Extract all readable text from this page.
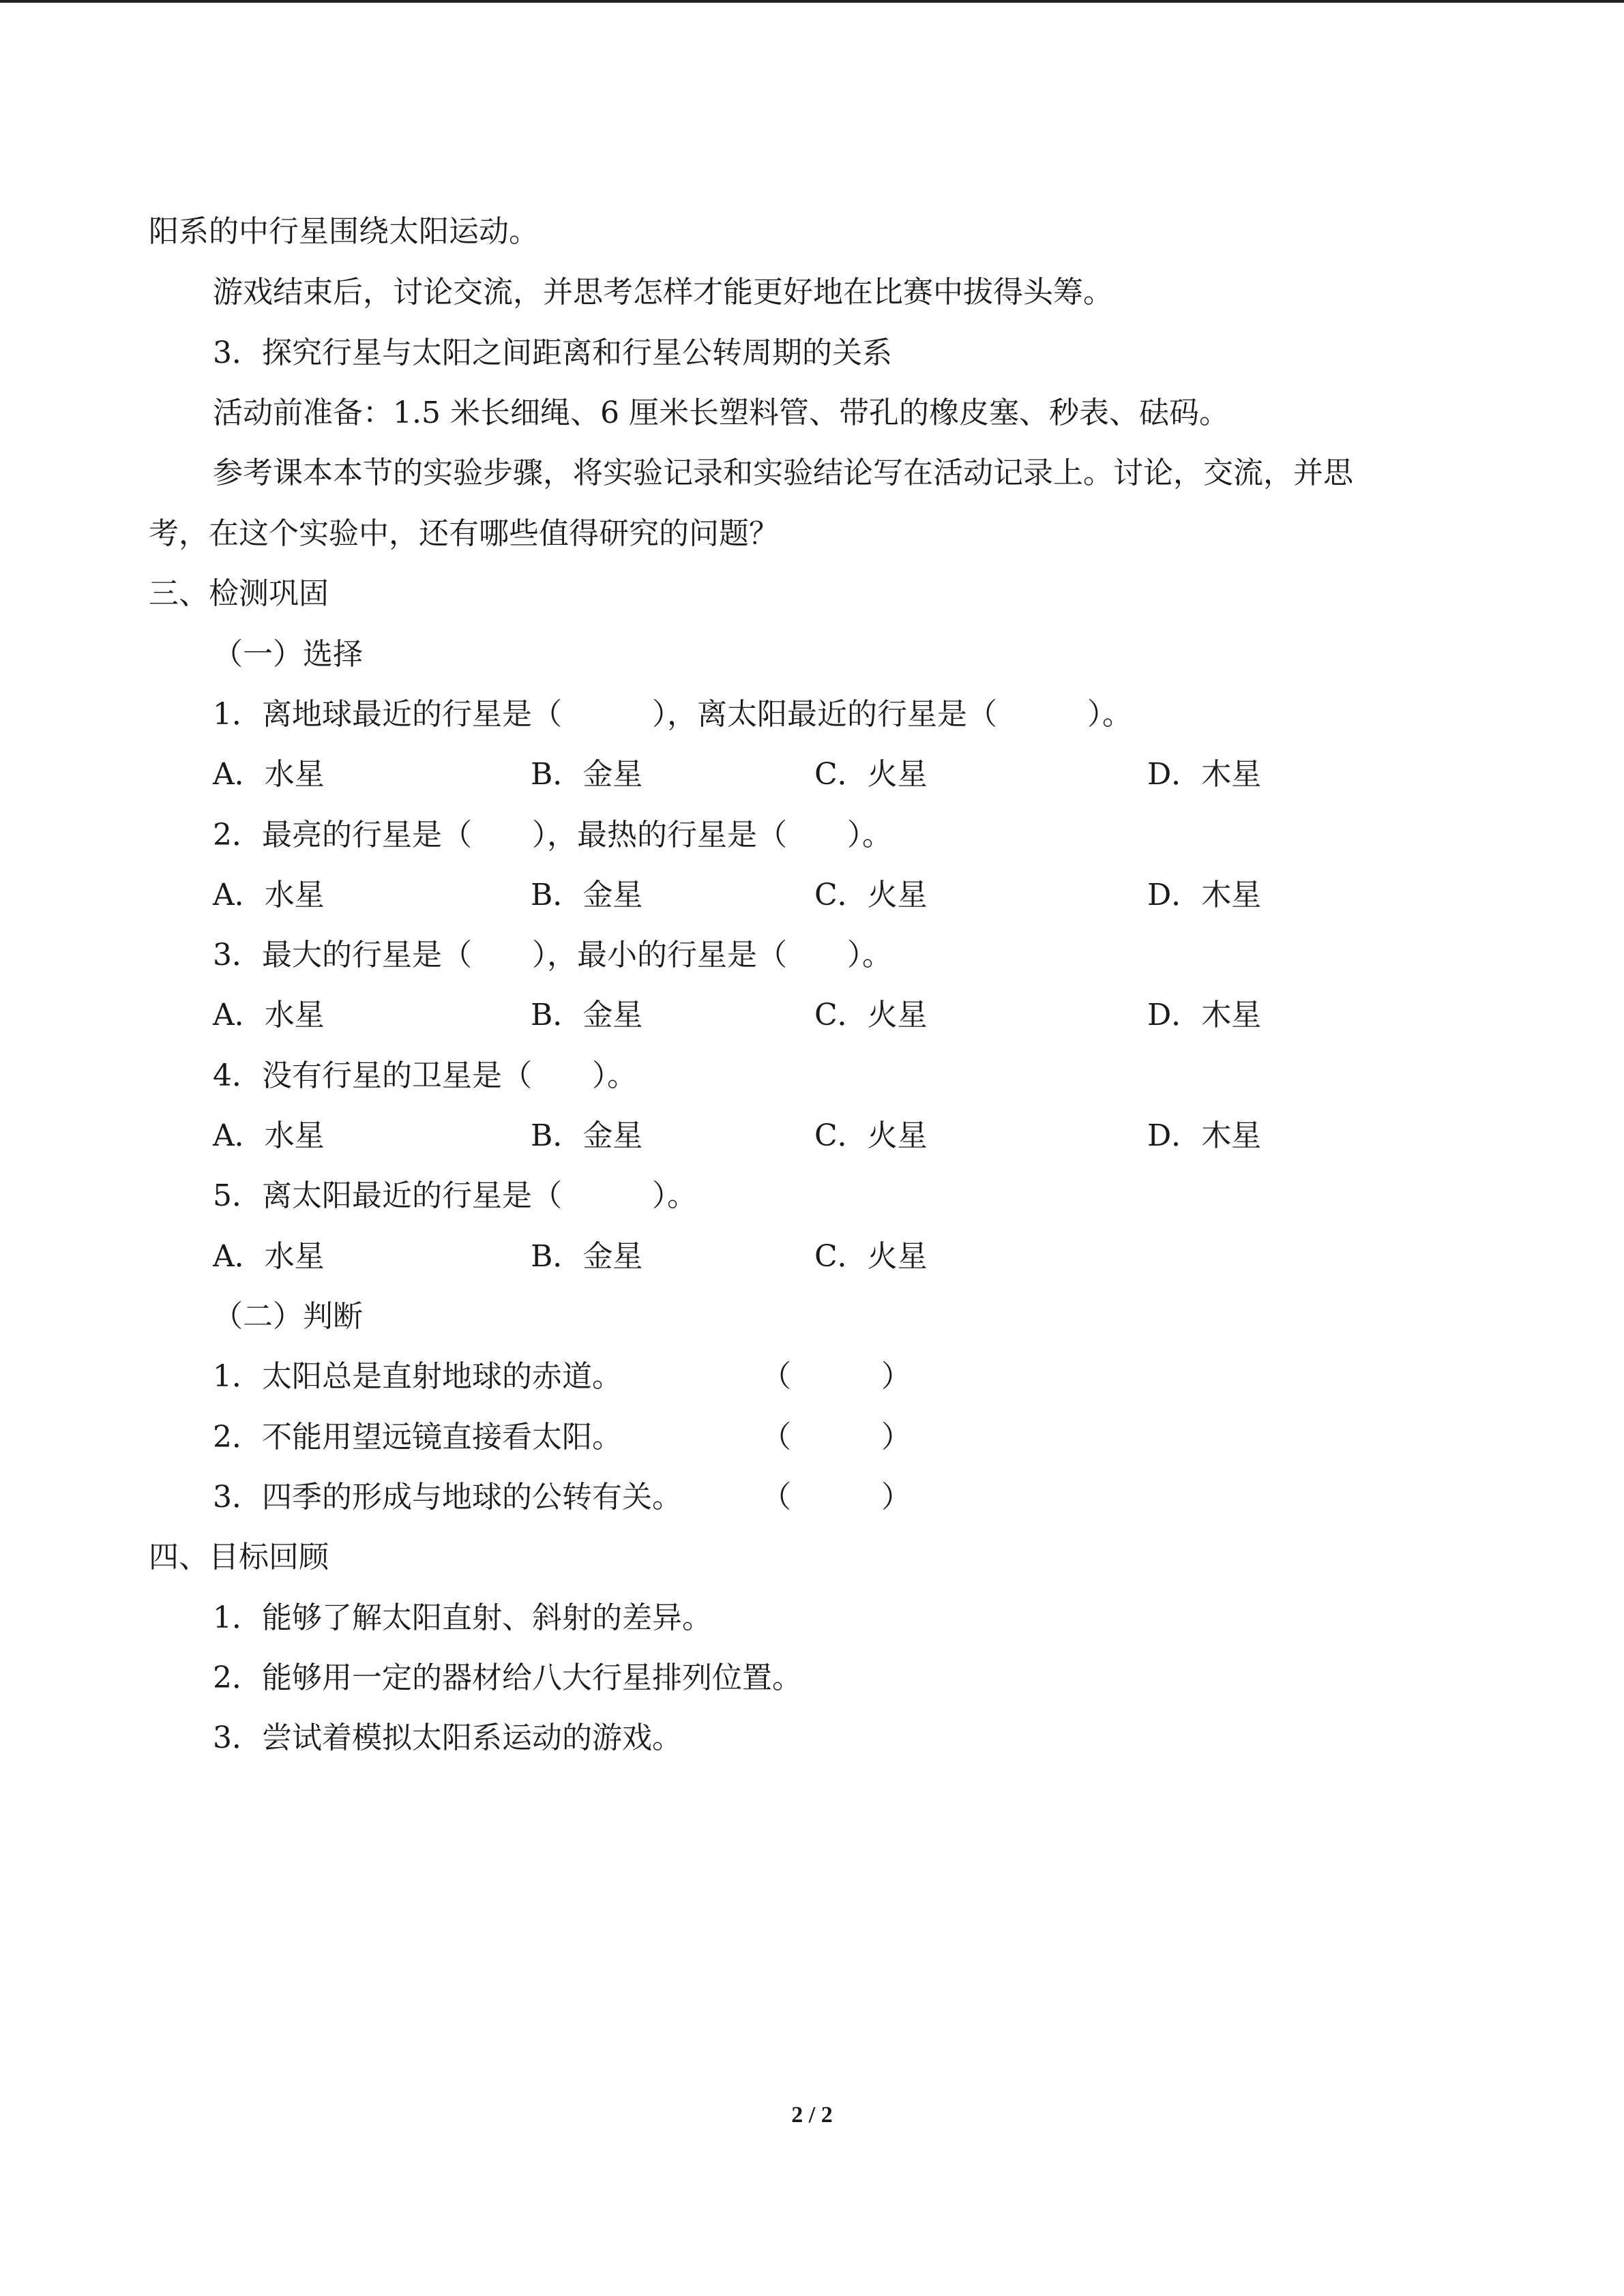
阳系的中行星围绕太阳运动。
游戏结束后，讨论交流，并思考怎样才能更好地在比赛中拔得头筹。
3．探究行星与太阳之间距离和行星公转周期的关系
活动前准备：1.5 米长细绳、6 厘米长塑料管、带孔的橡皮塞、秒表、砝码。
参考课本本节的实验步骤，将实验记录和实验结论写在活动记录上。讨论，交流，并思
考，在这个实验中，还有哪些值得研究的问题？
三、检测巩固
（一）选择
1．离地球最近的行星是（　　　），离太阳最近的行星是（　　　）。
A．水星	B．金星	C．火星	D．木星
2．最亮的行星是（　　），最热的行星是（　　）。
A．水星	B．金星	C．火星	D．木星
3．最大的行星是（　　），最小的行星是（　　）。
A．水星	B．金星	C．火星	D．木星
4．没有行星的卫星是（　　）。
A．水星	B．金星	C．火星	D．木星
5．离太阳最近的行星是（　　　）。
A．水星	B．金星	C．火星
（二）判断
1．太阳总是直射地球的赤道。	（　　　）
2．不能用望远镜直接看太阳。	（　　　）
3．四季的形成与地球的公转有关。	（　　　）
四、目标回顾
1．能够了解太阳直射、斜射的差异。
2．能够用一定的器材给八大行星排列位置。
3．尝试着模拟太阳系运动的游戏。
2 / 2
